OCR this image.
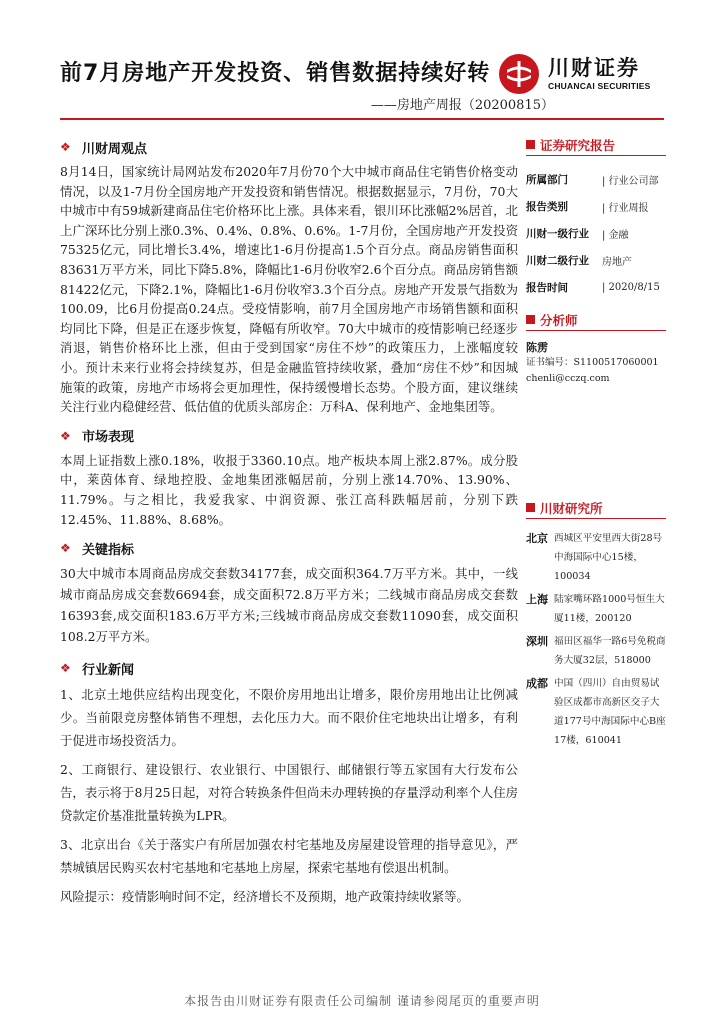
前7月房地产开发投资、销售数据持续好转
——房地产周报（20200815）
川财证券
CHUANCAI SECURITIES
❖ 川财周观点

8月14日，国家统计局网站发布2020年7月份70个大中城市商品住宅销售价格变动情况，以及1-7月份全国房地产开发投资和销售情况。根据数据显示，7月份，70大中城市中有59城新建商品住宅价格环比上涨。具体来看，银川环比涨幅2%居首，北上广深环比分别上涨0.3%、0.4%、0.8%、0.6%。1-7月份，全国房地产开发投资75325亿元，同比增长3.4%，增速比1-6月份提高1.5个百分点。商品房销售面积83631万平方米，同比下降5.8%，降幅比1-6月份收窄2.6个百分点。商品房销售额81422亿元，下降2.1%，降幅比1-6月份收窄3.3个百分点。房地产开发景气指数为100.09，比6月份提高0.24点。受疫情影响，前7月全国房地产市场销售额和面积均同比下降，但是正在逐步恢复，降幅有所收窄。70大中城市的疫情影响已经逐步消退，销售价格环比上涨，但由于受到国家“房住不炒”的政策压力，上涨幅度较小。预计未来行业将会持续复苏，但是金融监管持续收紧，叠加“房住不炒”和因城施策的政策，房地产市场将会更加理性，保持缓慢增长态势。个股方面，建议继续关注行业内稳健经营、低估值的优质头部房企：万科A、保利地产、金地集团等。

❖ 市场表现

本周上证指数上涨0.18%，收报于3360.10点。地产板块本周上涨2.87%。成分股中，莱茵体育、绿地控股、金地集团涨幅居前，分别上涨14.70%、13.90%、11.79%。与之相比，我爱我家、中润资源、张江高科跌幅居前，分别下跌12.45%、11.88%、8.68%。

❖ 关键指标

30大中城市本周商品房成交套数34177套，成交面积364.7万平方米。其中，一线城市商品房成交套数6694套，成交面积72.8万平方米；二线城市商品房成交套数16393套,成交面积183.6万平方米;三线城市商品房成交套数11090套，成交面积108.2万平方米。

❖ 行业新闻

1、北京土地供应结构出现变化，不限价房用地出让增多，限价房用地出让比例减少。当前限竞房整体销售不理想，去化压力大。而不限价住宅地块出让增多，有利于促进市场投资活力。

2、工商银行、建设银行、农业银行、中国银行、邮储银行等五家国有大行发布公告，表示将于8月25日起，对符合转换条件但尚未办理转换的存量浮动利率个人住房贷款定价基准批量转换为LPR。

3、北京出台《关于落实户有所居加强农村宅基地及房屋建设管理的指导意见》，严禁城镇居民购买农村宅基地和宅基地上房屋，探索宅基地有偿退出机制。

风险提示：疫情影响时间不定，经济增长不及预期，地产政策持续收紧等。

证券研究报告
所属部门	| 行业公司部
报告类别	| 行业周报
川财一级行业	| 金融
川财二级行业	房地产
报告时间	| 2020/8/15
分析师
陈雳
证书编号：S1100517060001
chenli@cczq.com
川财研究所
北京 西城区平安里西大街28号中海国际中心15楼，100034
上海 陆家嘴环路1000号恒生大厦11楼，200120
深圳 福田区福华一路6号免税商务大厦32层，518000
成都 中国（四川）自由贸易试验区成都市高新区交子大道177号中海国际中心B座17楼，610041
本报告由川财证券有限责任公司编制 谨请参阅尾页的重要声明
